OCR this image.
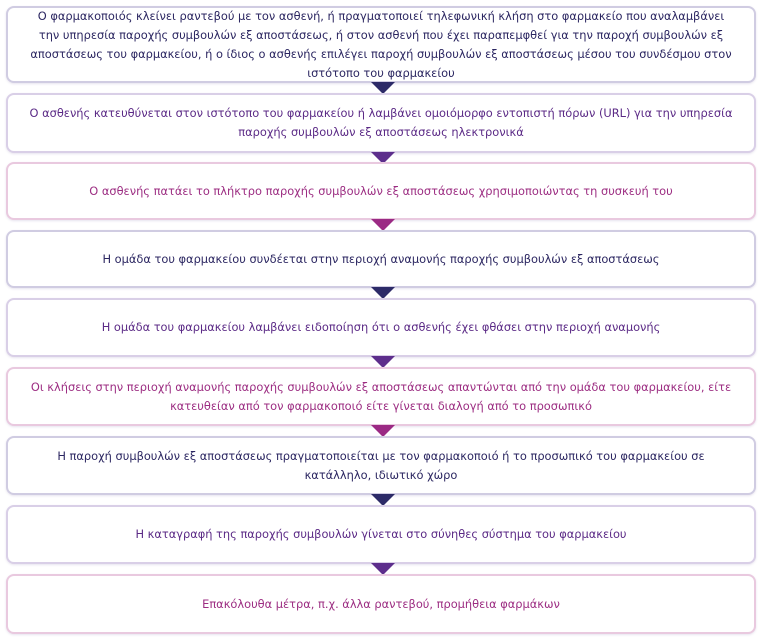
Ο φαρμακοποιός κλείνει ραντεβού με τον ασθενή, ή πραγματοποιεί τηλεφωνική κλήση στο φαρμακείο που αναλαμβάνει την υπηρεσία παροχής συμβουλών εξ αποστάσεως, ή στον ασθενή που έχει παραπεμφθεί για την παροχή συμβουλών εξ αποστάσεως του φαρμακείου, ή ο ίδιος ο ασθενής επιλέγει παροχή συμβουλών εξ αποστάσεως μέσου του συνδέσμου στον ιστότοπο του φαρμακείου
Ο ασθενής κατευθύνεται στον ιστότοπο του φαρμακείου ή λαμβάνει ομοιόμορφο εντοπιστή πόρων (URL) για την υπηρεσία παροχής συμβουλών εξ αποστάσεως ηλεκτρονικά
Ο ασθενής πατάει το πλήκτρο παροχής συμβουλών εξ αποστάσεως χρησιμοποιώντας τη συσκευή του
Η ομάδα του φαρμακείου συνδέεται στην περιοχή αναμονής παροχής συμβουλών εξ αποστάσεως
Η ομάδα του φαρμακείου λαμβάνει ειδοποίηση ότι ο ασθενής έχει φθάσει στην περιοχή αναμονής
Οι κλήσεις στην περιοχή αναμονής παροχής συμβουλών εξ αποστάσεως απαντώνται από την ομάδα του φαρμακείου, είτε κατευθείαν από τον φαρμακοποιό είτε γίνεται διαλογή από το προσωπικό
Η παροχή συμβουλών εξ αποστάσεως πραγματοποιείται με τον φαρμακοποιό ή το προσωπικό του φαρμακείου σε κατάλληλο, ιδιωτικό χώρο
Η καταγραφή της παροχής συμβουλών γίνεται στο σύνηθες σύστημα του φαρμακείου
Επακόλουθα μέτρα, π.χ. άλλα ραντεβού, προμήθεια φαρμάκων
